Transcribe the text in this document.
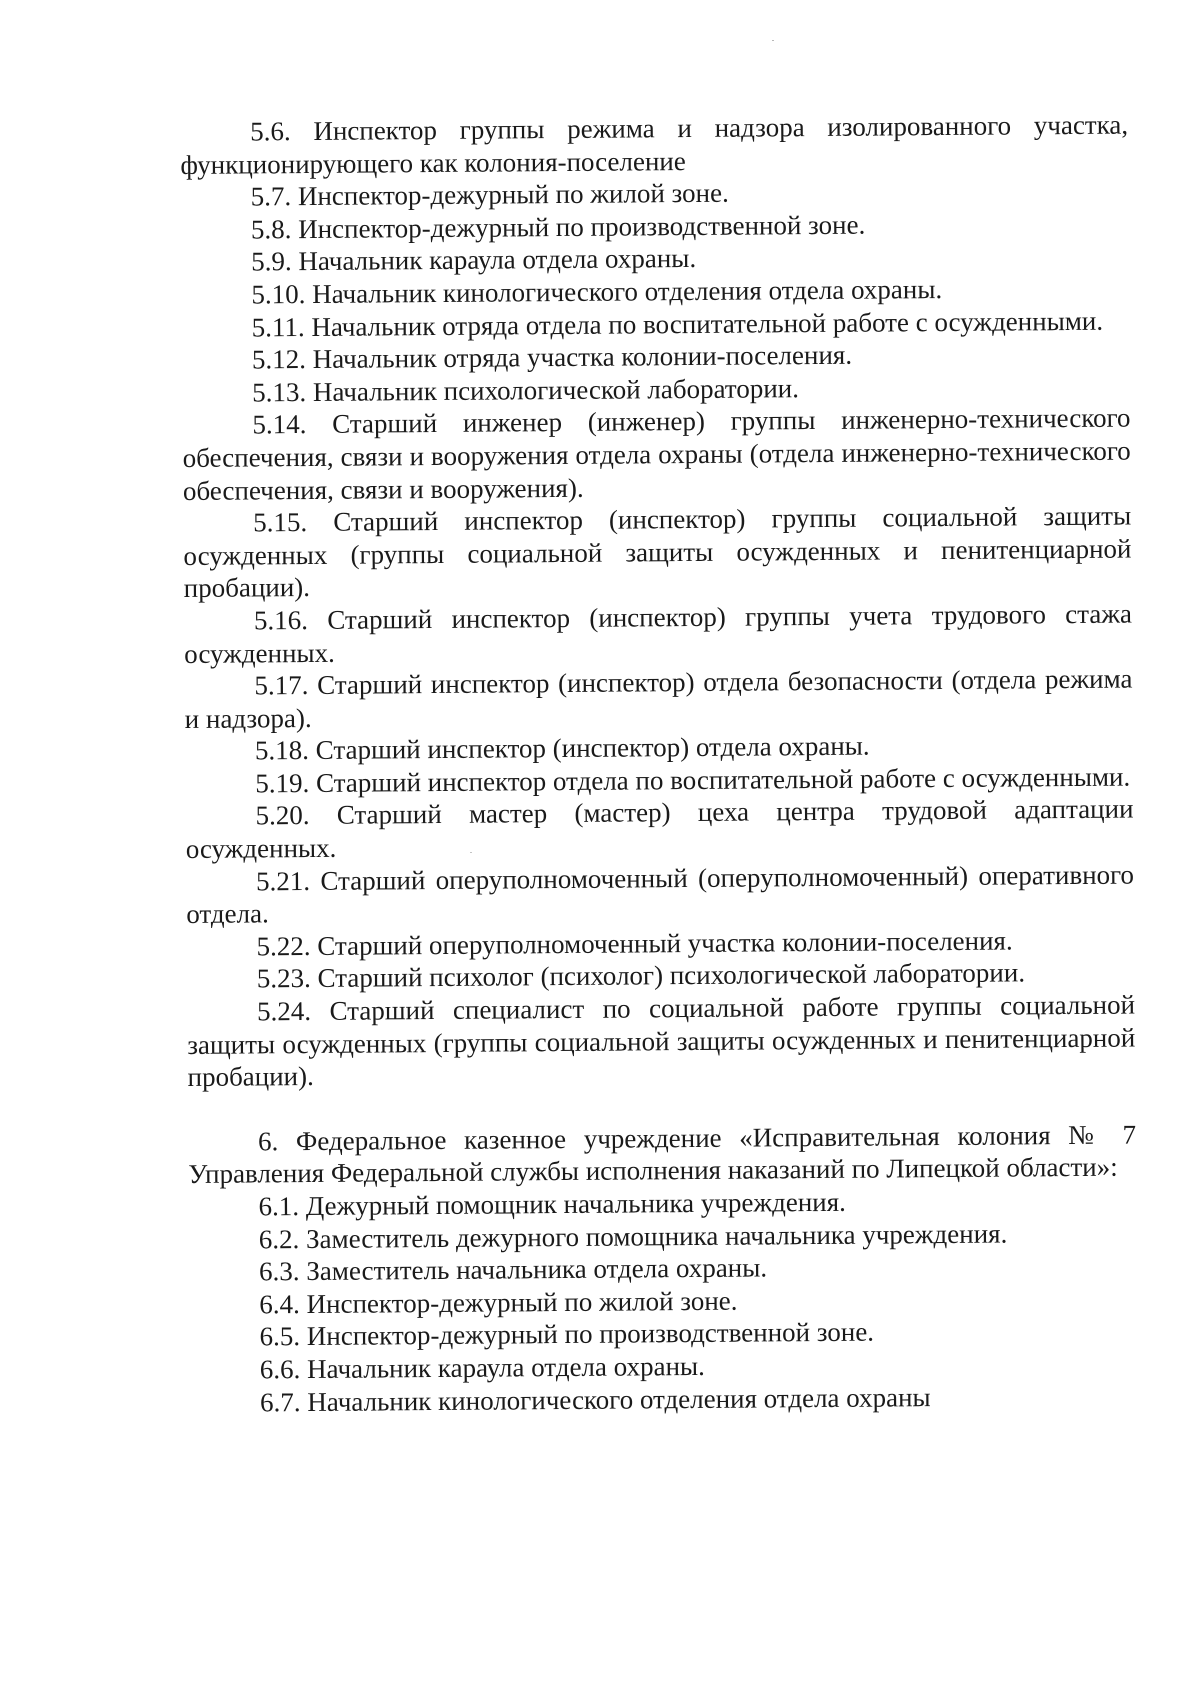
5.6. Инспектор группы режима и надзора изолированного участка, функционирующего как колония-поселение

5.7. Инспектор-дежурный по жилой зоне.

5.8. Инспектор-дежурный по производственной зоне.

5.9. Начальник караула отдела охраны.

5.10. Начальник кинологического отделения отдела охраны.

5.11. Начальник отряда отдела по воспитательной работе с осужденными.

5.12. Начальник отряда участка колонии-поселения.

5.13. Начальник психологической лаборатории.

5.14. Старший инженер (инженер) группы инженерно-технического обеспечения, связи и вооружения отдела охраны (отдела инженерно-технического обеспечения, связи и вооружения).

5.15. Старший инспектор (инспектор) группы социальной защиты осужденных (группы социальной защиты осужденных и пенитенциарной пробации).

5.16. Старший инспектор (инспектор) группы учета трудового стажа осужденных.

5.17. Старший инспектор (инспектор) отдела безопасности (отдела режима и надзора).

5.18. Старший инспектор (инспектор) отдела охраны.

5.19. Старший инспектор отдела по воспитательной работе с осужденными.

5.20. Старший мастер (мастер) цеха центра трудовой адаптации осужденных.

5.21. Старший оперуполномоченный (оперуполномоченный) оперативного отдела.

5.22. Старший оперуполномоченный участка колонии-поселения.

5.23. Старший психолог (психолог) психологической лаборатории.

5.24. Старший специалист по социальной работе группы социальной защиты осужденных (группы социальной защиты осужденных и пенитенциарной пробации).

6. Федеральное казенное учреждение «Исправительная колония № 7 Управления Федеральной службы исполнения наказаний по Липецкой области»:

6.1. Дежурный помощник начальника учреждения.

6.2. Заместитель дежурного помощника начальника учреждения.

6.3. Заместитель начальника отдела охраны.

6.4. Инспектор-дежурный по жилой зоне.

6.5. Инспектор-дежурный по производственной зоне.

6.6. Начальник караула отдела охраны.

6.7. Начальник кинологического отделения отдела охраны
